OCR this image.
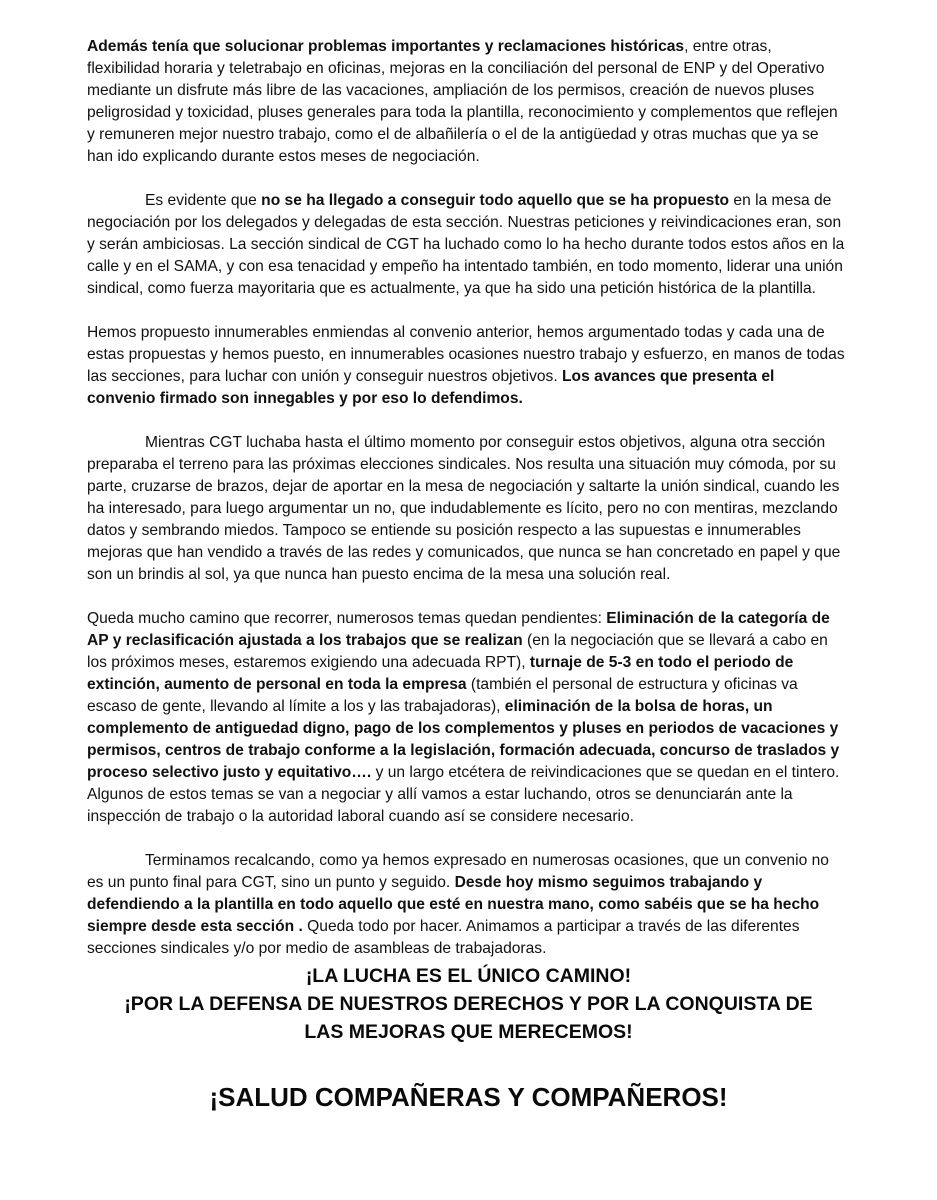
Además tenía que solucionar problemas importantes y reclamaciones históricas, entre otras, flexibilidad horaria y teletrabajo en oficinas, mejoras en la conciliación del personal de ENP y del Operativo mediante un disfrute más libre de las vacaciones, ampliación de los permisos, creación de nuevos pluses peligrosidad y toxicidad, pluses generales para toda la plantilla, reconocimiento y complementos que reflejen y remuneren mejor nuestro trabajo, como el de albañilería o el de la antigüedad y otras muchas que ya se han ido explicando durante estos meses de negociación.

Es evidente que no se ha llegado a conseguir todo aquello que se ha propuesto en la mesa de negociación por los delegados y delegadas de esta sección. Nuestras peticiones y reivindicaciones eran, son y serán ambiciosas. La sección sindical de CGT ha luchado como lo ha hecho durante todos estos años en la calle y en el SAMA, y con esa tenacidad y empeño ha intentado también, en todo momento, liderar una unión sindical, como fuerza mayoritaria que es actualmente, ya que ha sido una petición histórica de la plantilla.

Hemos propuesto innumerables enmiendas al convenio anterior, hemos argumentado todas y cada una de estas propuestas y hemos puesto, en innumerables ocasiones nuestro trabajo y esfuerzo, en manos de todas las secciones, para luchar con unión y conseguir nuestros objetivos. Los avances que presenta el convenio firmado son innegables y por eso lo defendimos.

Mientras CGT luchaba hasta el último momento por conseguir estos objetivos, alguna otra sección preparaba el terreno para las próximas elecciones sindicales. Nos resulta una situación muy cómoda, por su parte, cruzarse de brazos, dejar de aportar en la mesa de negociación y saltarte la unión sindical, cuando les ha interesado, para luego argumentar un no, que indudablemente es lícito, pero no con mentiras, mezclando datos y sembrando miedos. Tampoco se entiende su posición respecto a las supuestas e innumerables mejoras que han vendido a través de las redes y comunicados, que nunca se han concretado en papel y que son un brindis al sol, ya que nunca han puesto encima de la mesa una solución real.

Queda mucho camino que recorrer, numerosos temas quedan pendientes: Eliminación de la categoría de AP y reclasificación ajustada a los trabajos que se realizan (en la negociación que se llevará a cabo en los próximos meses, estaremos exigiendo una adecuada RPT), turnaje de 5-3 en todo el periodo de extinción, aumento de personal en toda la empresa (también el personal de estructura y oficinas va escaso de gente, llevando al límite a los y las trabajadoras), eliminación de la bolsa de horas, un complemento de antiguedad digno, pago de los complementos y pluses en periodos de vacaciones y permisos, centros de trabajo conforme a la legislación, formación adecuada, concurso de traslados y proceso selectivo justo y equitativo…. y un largo etcétera de reivindicaciones que se quedan en el tintero. Algunos de estos temas se van a negociar y allí vamos a estar luchando, otros se denunciarán ante la inspección de trabajo o la autoridad laboral cuando así se considere necesario.

Terminamos recalcando, como ya hemos expresado en numerosas ocasiones, que un convenio no es un punto final para CGT, sino un punto y seguido. Desde hoy mismo seguimos trabajando y defendiendo a la plantilla en todo aquello que esté en nuestra mano, como sabéis que se ha hecho siempre desde esta sección . Queda todo por hacer. Animamos a participar a través de las diferentes secciones sindicales y/o por medio de asambleas de trabajadoras.

¡LA LUCHA ES EL ÚNICO CAMINO!
¡POR LA DEFENSA DE NUESTROS DERECHOS Y POR LA CONQUISTA DE
LAS MEJORAS QUE MERECEMOS!
¡SALUD COMPAÑERAS Y COMPAÑEROS!
